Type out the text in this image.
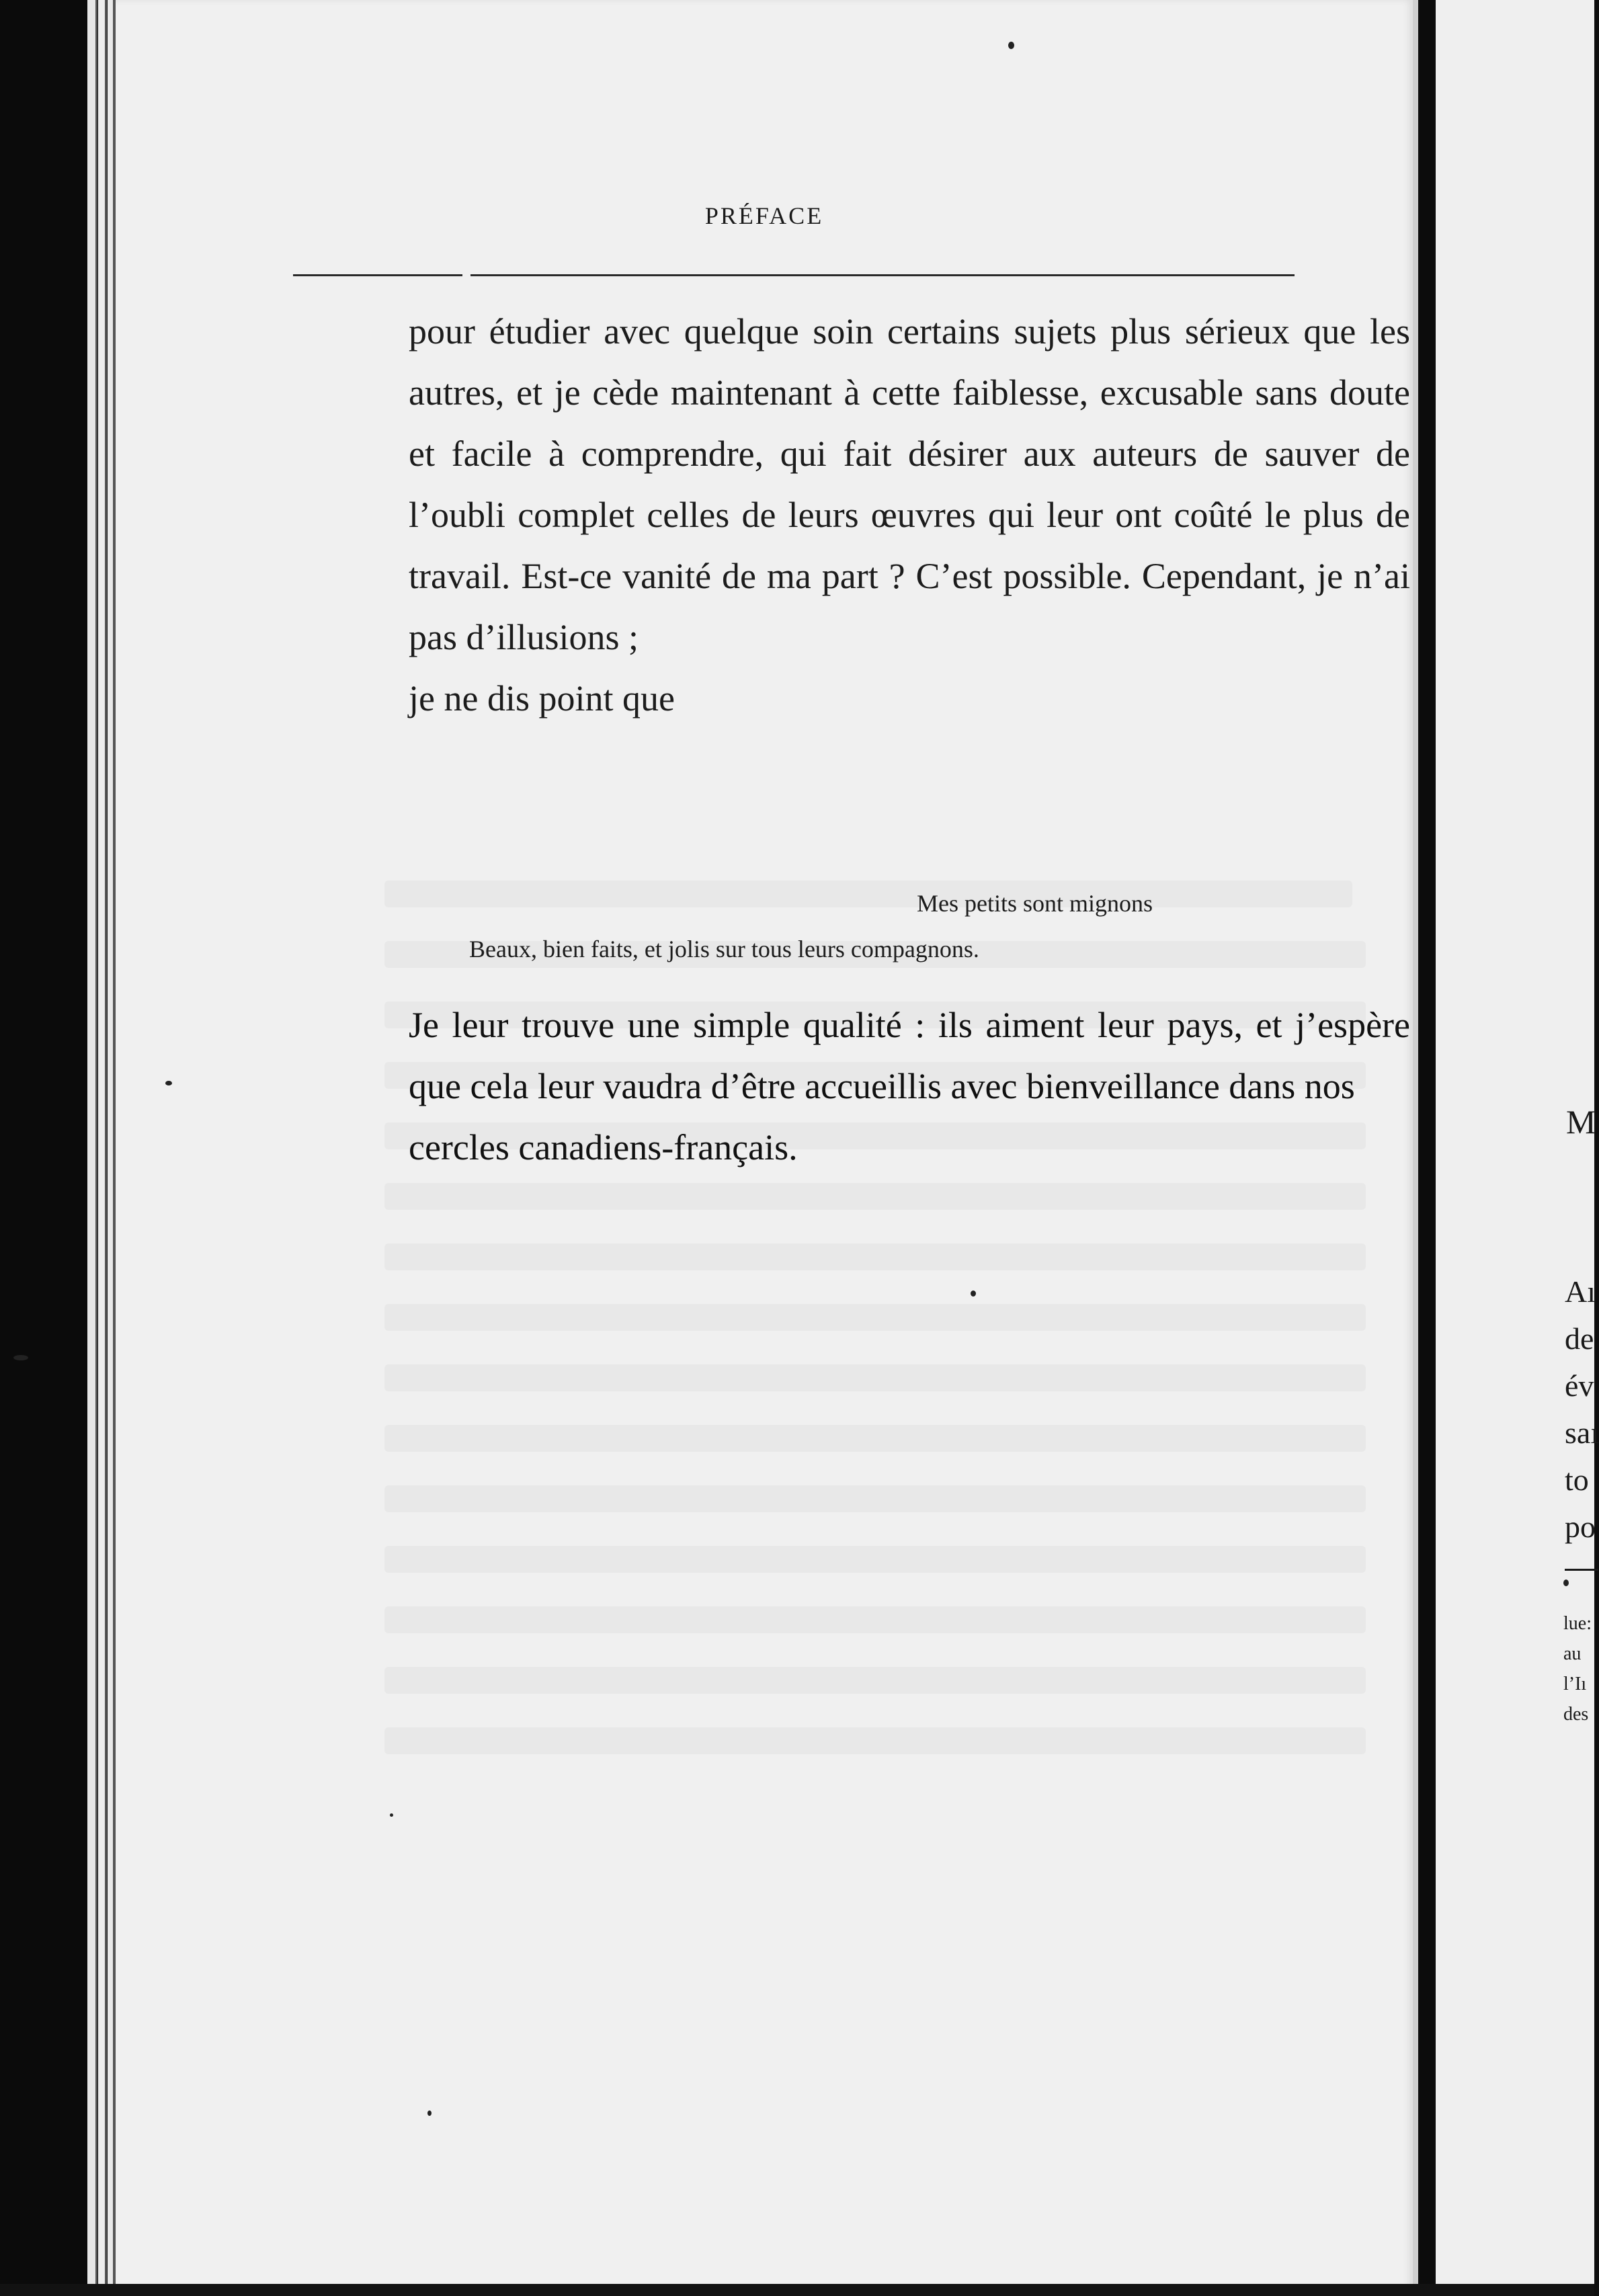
PRÉFACE

pour étudier avec quelque soin certains sujets plus sérieux que les autres, et je cède maintenant à cette faiblesse, excusable sans doute et facile à comprendre, qui fait désirer aux auteurs de sauver de l’oubli complet celles de leurs œuvres qui leur ont coûté le plus de travail. Est-ce vanité de ma part ? C’est possible. Cependant, je n’ai pas d’illusions ;

je ne dis point que

Mes petits sont mignons
Beaux, bien faits, et jolis sur tous leurs compagnons.

Je leur trouve une simple qualité : ils aiment leur pays, et j’espère que cela leur vaudra d’être accueillis avec bienveillance dans nos

cercles canadiens-français.

M
Aı
de
év
saı
to
po
lue:
au
l’Iı
des
